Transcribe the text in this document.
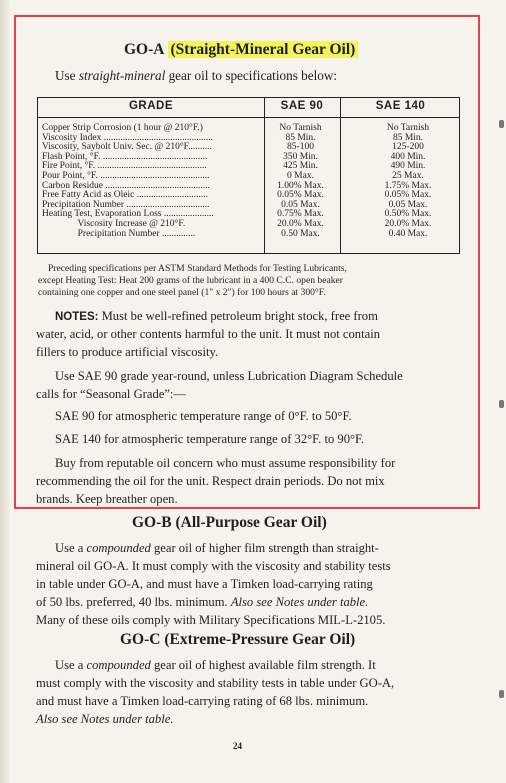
GO-A (Straight-Mineral Gear Oil)
Use straight-mineral gear oil to specifications below:
GRADE	SAE 90	SAE 140
Copper Strip Corrosion (1 hour @ 210°F.)	No Tarnish	No Tarnish
Viscosity Index ..............................................	85 Min.	85 Min.
Viscosity, Saybolt Univ. Sec. @ 210°F..........	85-100	125-200
Flash Point, °F. ............................................	350 Min.	400 Min.
Fire Point, °F. ..............................................	425 Min.	490 Min.
Pour Point, °F. ..............................................	0 Max.	25 Max.
Carbon Residue ............................................	1.00% Max.	1.75% Max.
Free Fatty Acid as Oleic ..............................	0.05% Max.	0.05% Max.
Precipitation Number ...................................	0.05 Max.	0.05 Max.
Heating Test, Evaporation Loss .....................	0.75% Max.	0.50% Max.
Viscosity Increase @ 210°F.	20.0% Max.	20.0% Max.
Precipitation Number ..............	0.50 Max.	0.40 Max.
Preceding specifications per ASTM Standard Methods for Testing Lubricants,
except Heating Test: Heat 200 grams of the lubricant in a 400 C.C. open beaker
containing one copper and one steel panel (1" x 2") for 100 hours at 300°F.
NOTES: Must be well-refined petroleum bright stock, free from
water, acid, or other contents harmful to the unit. It must not contain
fillers to produce artificial viscosity.
Use SAE 90 grade year-round, unless Lubrication Diagram Schedule
calls for “Seasonal Grade”:—
SAE 90 for atmospheric temperature range of 0°F. to 50°F.
SAE 140 for atmospheric temperature range of 32°F. to 90°F.
Buy from reputable oil concern who must assume responsibility for
recommending the oil for the unit. Respect drain periods. Do not mix
brands. Keep breather open.
GO-B (All-Purpose Gear Oil)
Use a compounded gear oil of higher film strength than straight-
mineral oil GO-A. It must comply with the viscosity and stability tests
in table under GO-A, and must have a Timken load-carrying rating
of 50 lbs. preferred, 40 lbs. minimum. Also see Notes under table.
Many of these oils comply with Military Specifications MIL-L-2105.
GO-C (Extreme-Pressure Gear Oil)
Use a compounded gear oil of highest available film strength. It
must comply with the viscosity and stability tests in table under GO-A,
and must have a Timken load-carrying rating of 68 lbs. minimum.
Also see Notes under table.
24
